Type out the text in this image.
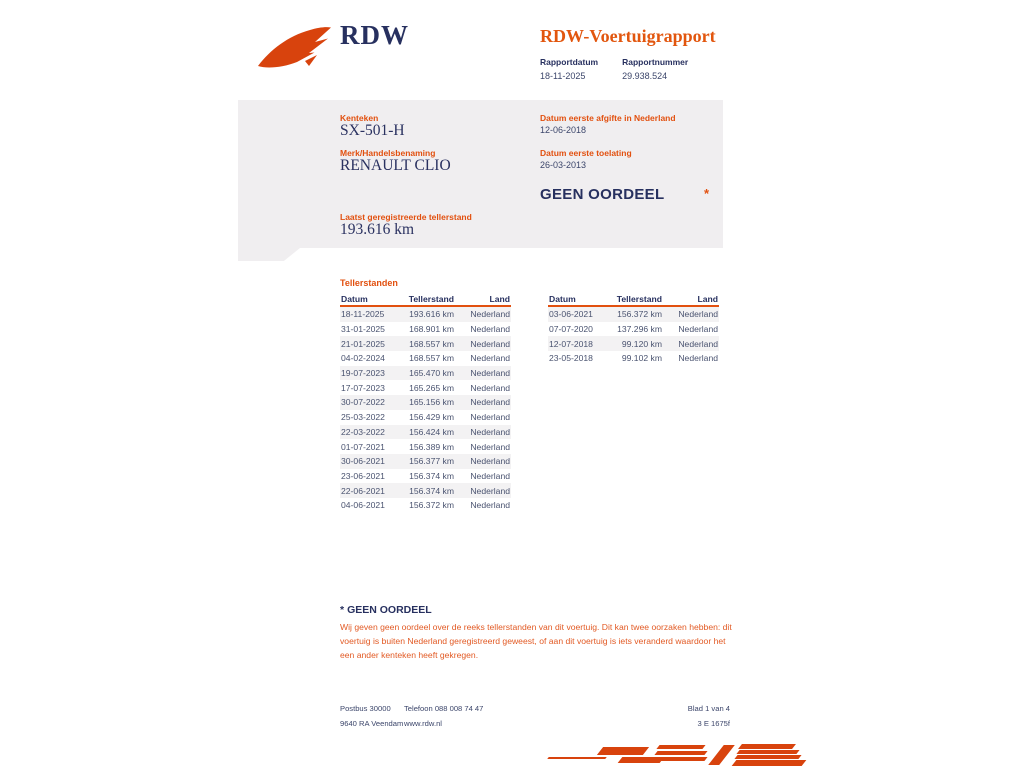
RDW	RDW-Voertuigrapport
Rapportdatum
18-11-2025
Rapportnummer
29.938.524
Kenteken
SX-501-H
Merk/Handelsbenaming
RENAULT CLIO
Laatst geregistreerde tellerstand
193.616 km
Datum eerste afgifte in Nederland
12-06-2018
Datum eerste toelating
26-03-2013
GEEN OORDEEL	*
Tellerstanden
Datum	Tellerstand	Land
18-11-2025	193.616 km	Nederland
31-01-2025	168.901 km	Nederland
21-01-2025	168.557 km	Nederland
04-02-2024	168.557 km	Nederland
19-07-2023	165.470 km	Nederland
17-07-2023	165.265 km	Nederland
30-07-2022	165.156 km	Nederland
25-03-2022	156.429 km	Nederland
22-03-2022	156.424 km	Nederland
01-07-2021	156.389 km	Nederland
30-06-2021	156.377 km	Nederland
23-06-2021	156.374 km	Nederland
22-06-2021	156.374 km	Nederland
04-06-2021	156.372 km	Nederland
Datum	Tellerstand	Land
03-06-2021	156.372 km	Nederland
07-07-2020	137.296 km	Nederland
12-07-2018	99.120 km	Nederland
23-05-2018	99.102 km	Nederland
* GEEN OORDEEL
Wij geven geen oordeel over de reeks tellerstanden van dit voertuig. Dit kan twee oorzaken hebben: dit voertuig is buiten Nederland geregistreerd geweest, of aan dit voertuig is iets veranderd waardoor het een ander kenteken heeft gekregen.
Postbus 30000
9640 RA Veendam
Telefoon 088 008 74 47
www.rdw.nl
Blad 1 van 4
3 E 1675f
